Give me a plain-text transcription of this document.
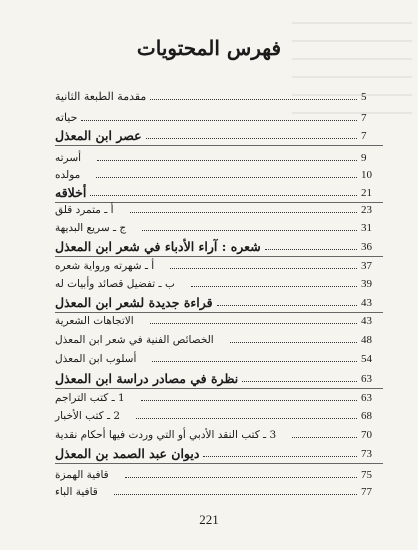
فهرس المحتويات
مقدمة الطبعة الثانية	5
حياته	7
عصر ابن المعذل	7
أسرته	9
مولده	10
أخلاقه	21
أ ـ متمرد قلق	23
ج ـ سريع البديهة	31
شعره : آراء الأدباء في شعر ابن المعذل	36
أ ـ شهرته ورواية شعره	37
ب ـ تفضيل قصائد وأبيات له	39
قراءة جديدة لشعر ابن المعذل	43
الاتجاهات الشعرية	43
الخصائص الفنية في شعر ابن المعذل	48
أسلوب ابن المعذل	54
نظرة في مصادر دراسة ابن المعذل	63
1 ـ كتب التراجم	63
2 ـ كتب الأخبار	68
3 ـ كتب النقد الأدبي أو التي وردت فيها أحكام نقدية	70
ديوان عبد الصمد بن المعذل	73
قافية الهمزة	75
قافية الباء	77
221
